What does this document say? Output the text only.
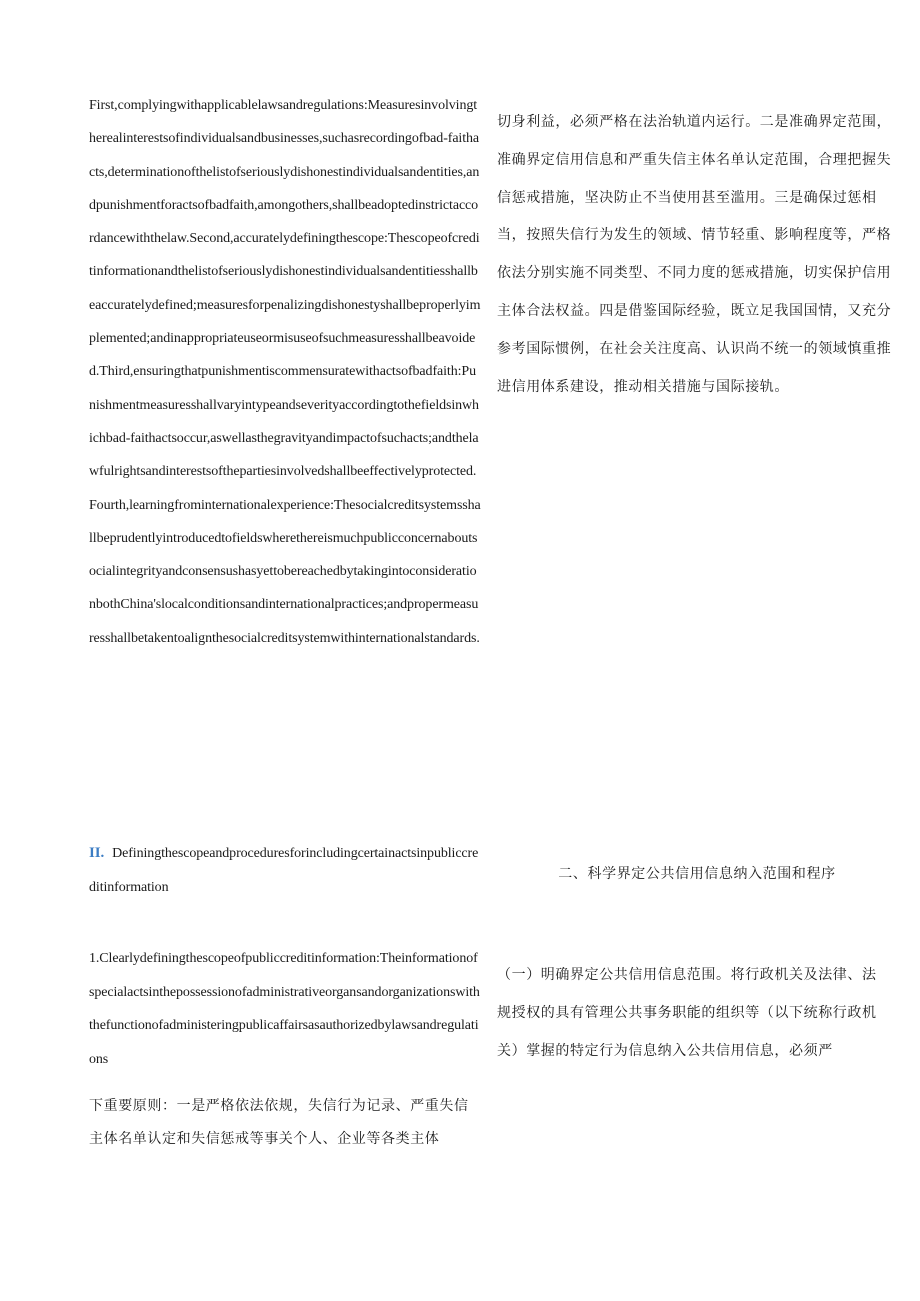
First,complyingwithapplicablelawsandregulations:Measuresinvolvingtherealinterestsofindividualsandbusinesses,suchasrecordingofbad-faithacts,determinationofthelistofseriouslydishonestindividualsandentities,andpunishmentforactsofbadfaith,amongothers,shallbeadoptedinstrictaccordancewiththelaw.Second,accuratelydefiningthescope:Thescopeofcreditinformationandthelistofseriouslydishonestindividualsandentitiesshallbeaccuratelydefined;measuresforpenalizingdishonestyshallbeproperlyimplemented;andinappropriateuseormisuseofsuchmeasuresshallbeavoided.Third,ensuringthatpunishmentiscommensuratewithactsofbadfaith:Punishmentmeasuresshallvaryintypeandseverityaccordingtothefieldsinwhichbad-faithactsoccur,aswellasthegravityandimpactofsuchacts;andthelawfulrightsandinterestsofthepartiesinvolvedshallbeeffectivelyprotected.Fourth,learningfrominternationalexperience:ThesocialcreditsystemsshallbeprudentlyintroducedtofieldswherethereismuchpublicconcernaboutsocialintegrityandconsensushasyettobereachedbytakingintoconsiderationbothChina'slocalconditionsandinternationalpractices;andpropermeasuresshallbetakentoalignthesocialcreditsystemwithinternationalstandards.
II. Definingthescopeandproceduresforincludingcertainactsinpubliccreditinformation
1.Clearlydefiningthescopeofpubliccreditinformation:Theinformationofspecialactsinthepossessionofadministrativeorgansandorganizationswiththefunctionofadministeringpublicaffairsasauthorizedbylawsandregulations
下重要原则：一是严格依法依规，失信行为记录、严重失信主体名单认定和失信惩戒等事关个人、企业等各类主体
切身利益，必须严格在法治轨道内运行。二是准确界定范围，准确界定信用信息和严重失信主体名单认定范围，合理把握失信惩戒措施，坚决防止不当使用甚至滥用。三是确保过惩相当，按照失信行为发生的领域、情节轻重、影响程度等，严格依法分别实施不同类型、不同力度的惩戒措施，切实保护信用主体合法权益。四是借鉴国际经验，既立足我国国情，又充分参考国际惯例，在社会关注度高、认识尚不统一的领域慎重推进信用体系建设，推动相关措施与国际接轨。
二、科学界定公共信用信息纳入范围和程序
（一）明确界定公共信用信息范围。将行政机关及法律、法规授权的具有管理公共事务职能的组织等（以下统称行政机关）掌握的特定行为信息纳入公共信用信息，必须严
